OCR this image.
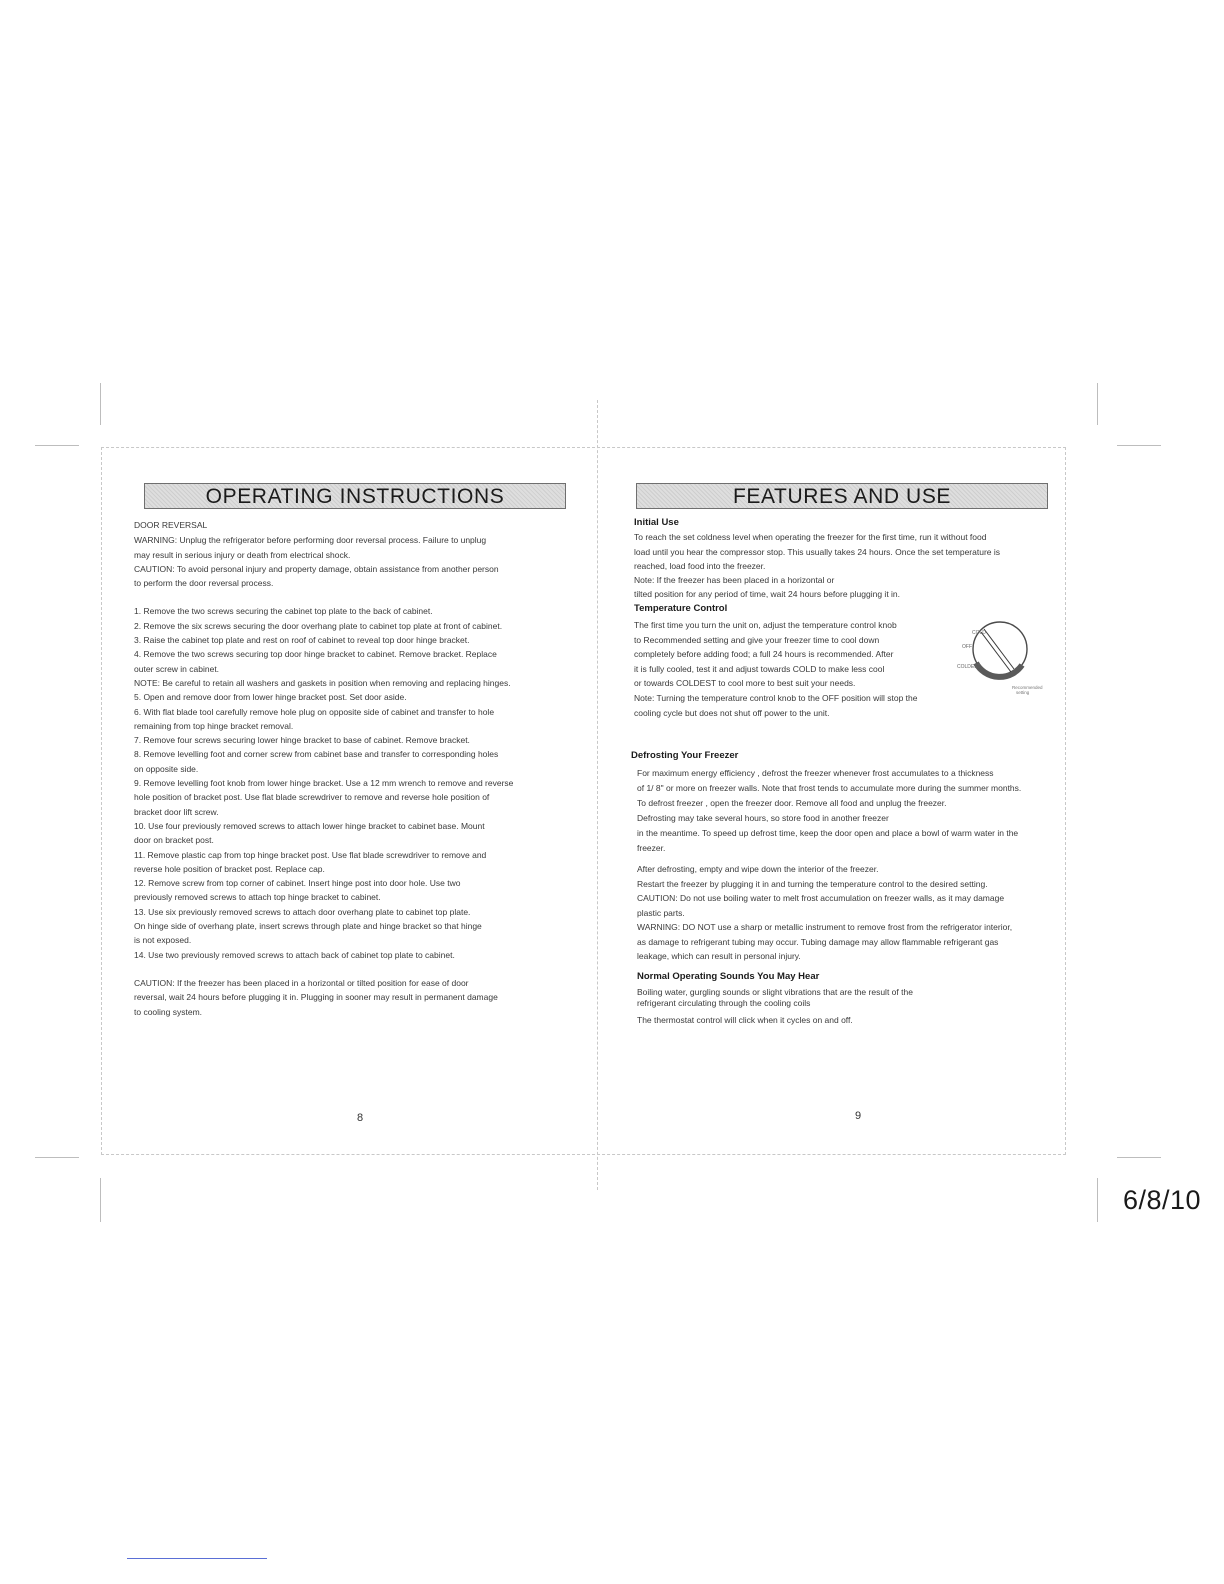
OPERATING INSTRUCTIONS

DOOR REVERSAL

WARNING: Unplug the refrigerator before performing door reversal process. Failure to unplug

may result in serious injury or death from electrical shock.

CAUTION: To avoid personal injury and property damage, obtain assistance from another person

to perform the door reversal process.

1. Remove the two screws securing the cabinet top plate to the back of cabinet.

2. Remove the six screws securing the door overhang plate to cabinet top plate at front of cabinet.

3. Raise the cabinet top plate and rest on roof of cabinet to reveal top door hinge bracket.

4. Remove the two screws securing top door hinge bracket to cabinet. Remove bracket. Replace

outer screw in cabinet.

NOTE: Be careful to retain all washers and gaskets in position when removing and replacing hinges.

5. Open and remove door from lower hinge bracket post. Set door aside.

6. With flat blade tool carefully remove hole plug on opposite side of cabinet and transfer to hole

remaining from top hinge bracket removal.

7. Remove four screws securing lower hinge bracket to base of cabinet. Remove bracket.

8. Remove levelling foot and corner screw from cabinet base and transfer to corresponding holes

on opposite side.

9. Remove levelling foot knob from lower hinge bracket. Use a 12 mm wrench to remove and reverse

hole position of bracket post. Use flat blade screwdriver to remove and reverse hole position of

bracket door lift screw.

10. Use four previously removed screws to attach lower hinge bracket to cabinet base. Mount

door on bracket post.

11. Remove plastic cap from top hinge bracket post. Use flat blade screwdriver to remove and

reverse hole position of bracket post. Replace cap.

12. Remove screw from top corner of cabinet. Insert hinge post into door hole. Use two

previously removed screws to attach top hinge bracket to cabinet.

13. Use six previously removed screws to attach door overhang plate to cabinet top plate.

On hinge side of overhang plate, insert screws through plate and hinge bracket so that hinge

is not exposed.

14. Use two previously removed screws to attach back of cabinet top plate to cabinet.

CAUTION: If the freezer has been placed in a horizontal or tilted position for ease of door

reversal, wait 24 hours before plugging it in. Plugging in sooner may result in permanent damage

to cooling system.

8
FEATURES AND USE

Initial Use

To reach the set coldness level when operating the freezer for the first time, run it without food

load until you hear the compressor stop. This usually takes 24 hours. Once the set temperature is

reached, load food into the freezer.

Note: If the freezer has been placed in a horizontal or

tilted position for any period of time, wait 24 hours before plugging it in.

Temperature Control

The first time you turn the unit on, adjust the temperature control knob

to Recommended setting and give your freezer time to cool down

completely before adding food; a full 24 hours is recommended. After

it is fully cooled, test it and adjust towards COLD to make less cool

or towards COLDEST to cool more to best suit your needs.

Note: Turning the temperature control knob to the OFF position will stop the

cooling cycle but does not shut off power to the unit.

COLD
OFF
COLDEST
Recommended
setting

Defrosting Your Freezer

For maximum energy efficiency , defrost the freezer whenever frost accumulates to a thickness

of 1/ 8" or more on freezer walls. Note that frost tends to accumulate more during the summer months.

To defrost freezer , open the freezer door. Remove all food and unplug the freezer.

Defrosting may take several hours, so store food in another freezer

in the meantime. To speed up defrost time, keep the door open and place a bowl of warm water in the

freezer.

After defrosting, empty and wipe down the interior of the freezer.

Restart the freezer by plugging it in and turning the temperature control to the desired setting.

CAUTION: Do not use boiling water to melt frost accumulation on freezer walls, as it may damage

plastic parts.

WARNING: DO NOT use a sharp or metallic instrument to remove frost from the refrigerator interior,

as damage to refrigerant tubing may occur. Tubing damage may allow flammable refrigerant gas

leakage, which can result in personal injury.

Normal Operating Sounds You May Hear

Boiling water, gurgling sounds or slight vibrations that are the result of the

refrigerant circulating through the cooling coils

The thermostat control will click when it cycles on and off.

9
6/8/10
